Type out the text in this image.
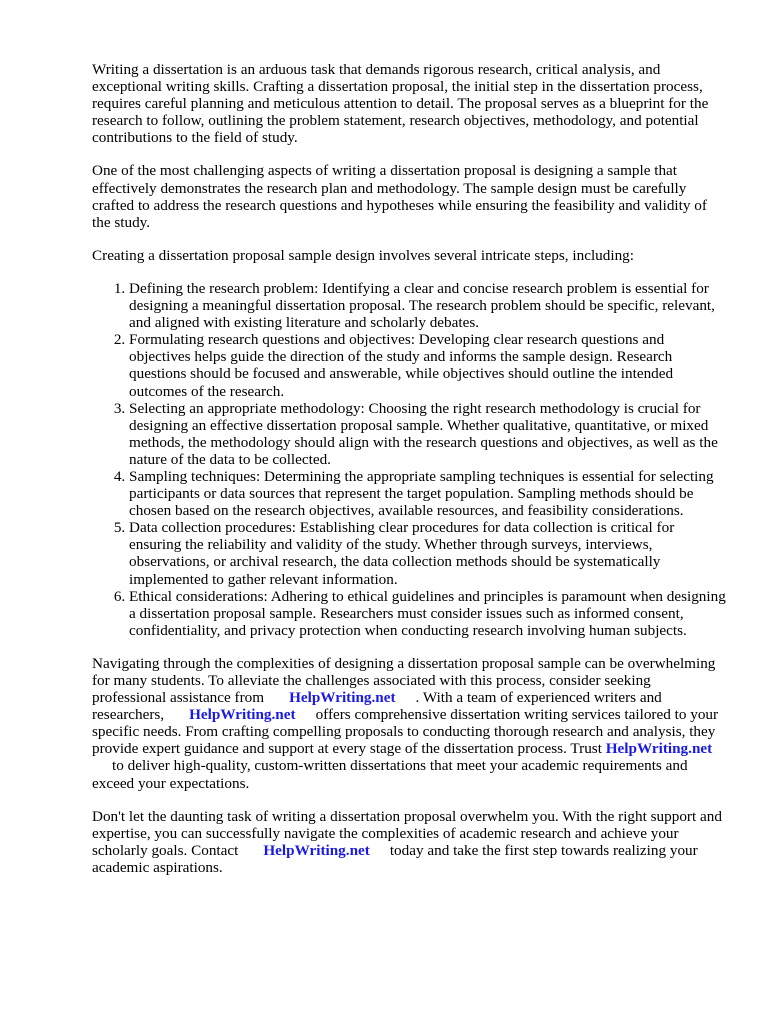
Writing a dissertation is an arduous task that demands rigorous research, critical analysis, and exceptional writing skills. Crafting a dissertation proposal, the initial step in the dissertation process, requires careful planning and meticulous attention to detail. The proposal serves as a blueprint for the research to follow, outlining the problem statement, research objectives, methodology, and potential contributions to the field of study.

One of the most challenging aspects of writing a dissertation proposal is designing a sample that effectively demonstrates the research plan and methodology. The sample design must be carefully crafted to address the research questions and hypotheses while ensuring the feasibility and validity of the study.

Creating a dissertation proposal sample design involves several intricate steps, including:

1. Defining the research problem: Identifying a clear and concise research problem is essential for designing a meaningful dissertation proposal. The research problem should be specific, relevant, and aligned with existing literature and scholarly debates.
2. Formulating research questions and objectives: Developing clear research questions and objectives helps guide the direction of the study and informs the sample design. Research questions should be focused and answerable, while objectives should outline the intended outcomes of the research.
3. Selecting an appropriate methodology: Choosing the right research methodology is crucial for designing an effective dissertation proposal sample. Whether qualitative, quantitative, or mixed methods, the methodology should align with the research questions and objectives, as well as the nature of the data to be collected.
4. Sampling techniques: Determining the appropriate sampling techniques is essential for selecting participants or data sources that represent the target population. Sampling methods should be chosen based on the research objectives, available resources, and feasibility considerations.
5. Data collection procedures: Establishing clear procedures for data collection is critical for ensuring the reliability and validity of the study. Whether through surveys, interviews, observations, or archival research, the data collection methods should be systematically implemented to gather relevant information.
6. Ethical considerations: Adhering to ethical guidelines and principles is paramount when designing a dissertation proposal sample. Researchers must consider issues such as informed consent, confidentiality, and privacy protection when conducting research involving human subjects.

Navigating through the complexities of designing a dissertation proposal sample can be overwhelming for many students. To alleviate the challenges associated with this process, consider seeking professional assistance from HelpWriting.net . With a team of experienced writers and researchers, HelpWriting.net offers comprehensive dissertation writing services tailored to your specific needs. From crafting compelling proposals to conducting thorough research and analysis, they provide expert guidance and support at every stage of the dissertation process. Trust HelpWriting.netto deliver high-quality, custom-written dissertations that meet your academic requirements and exceed your expectations.

Don't let the daunting task of writing a dissertation proposal overwhelm you. With the right support and expertise, you can successfully navigate the complexities of academic research and achieve your scholarly goals. Contact HelpWriting.net today and take the first step towards realizing your academic aspirations.
